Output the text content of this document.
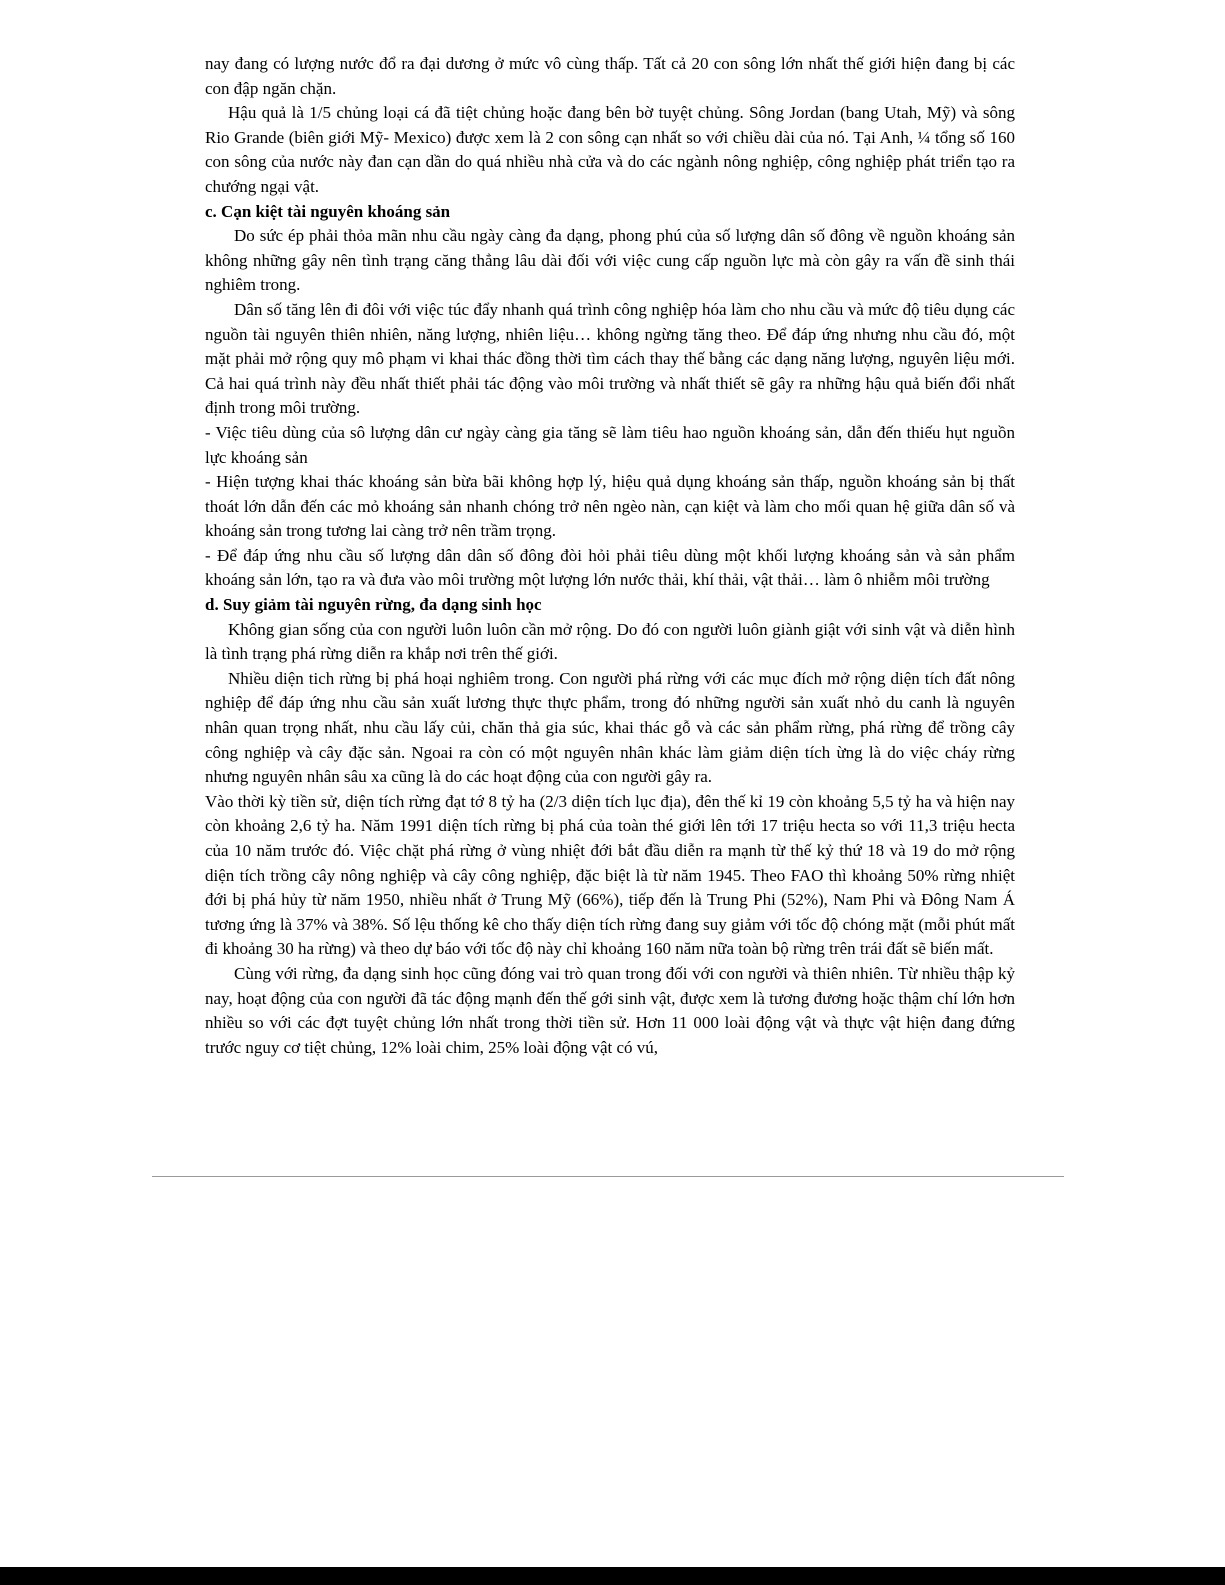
nay đang có lượng nước đổ ra đại dương ở mức vô cùng thấp. Tất cả 20 con sông lớn nhất thế giới hiện đang bị các con đập ngăn chặn.

Hậu quả là 1/5 chủng loại cá đã tiệt chủng hoặc đang bên bờ tuyệt chủng. Sông Jordan (bang Utah, Mỹ) và sông Rio Grande (biên giới Mỹ- Mexico) được xem là 2 con sông cạn nhất so với chiều dài của nó. Tại Anh, ¼ tổng số 160 con sông của nước này đan cạn dần do quá nhiều nhà cửa và do các ngành nông nghiệp, công nghiệp phát triển tạo ra chướng ngại vật.

c. Cạn kiệt tài nguyên khoáng sản

Do sức ép phải thỏa mãn nhu cầu ngày càng đa dạng, phong phú của số lượng dân số đông về nguồn khoáng sản không những gây nên tình trạng căng thẳng lâu dài đối với việc cung cấp nguồn lực mà còn gây ra vấn đề sinh thái nghiêm trong.

Dân số tăng lên đi đôi với việc túc đẩy nhanh quá trình công nghiệp hóa làm cho nhu cầu và mức độ tiêu dụng các nguồn tài nguyên thiên nhiên, năng lượng, nhiên liệu… không ngừng tăng theo. Để đáp ứng nhưng nhu cầu đó, một mặt phải mở rộng quy mô phạm vi khai thác đồng thời tìm cách thay thế bằng các dạng năng lượng, nguyên liệu mới. Cả hai quá trình này đều nhất thiết phải tác động vào môi trường và nhất thiết sẽ gây ra những hậu quả biến đổi nhất định trong môi trường.

- Việc tiêu dùng của sô lượng dân cư ngày càng gia tăng sẽ làm tiêu hao nguồn khoáng sản, dẫn đến thiếu hụt nguồn lực khoáng sản

- Hiện tượng khai thác khoáng sản bừa bãi không hợp lý, hiệu quả dụng khoáng sản thấp, nguồn khoáng sản bị thất thoát lớn dẫn đến các mỏ khoáng sản nhanh chóng trở nên ngèo nàn, cạn kiệt và làm cho mối quan hệ giữa dân số và khoáng sản trong tương lai càng trở nên trầm trọng.

- Để đáp ứng nhu cầu số lượng dân dân số đông đòi hỏi phải tiêu dùng một khối lượng khoáng sản và sản phẩm khoáng sản lớn, tạo ra và đưa vào môi trường một lượng lớn nước thải, khí thải, vật thải… làm ô nhiễm môi trường

d. Suy giảm tài nguyên rừng, đa dạng sinh học

Không gian sống của con người luôn luôn cần mở rộng. Do đó con người luôn giành giật với sinh vật và diễn hình là tình trạng phá rừng diễn ra khắp nơi trên thế giới.

Nhiều diện tich rừng bị phá hoại nghiêm trong. Con người phá rừng với các mục đích mở rộng diện tích đất nông nghiệp để đáp ứng nhu cầu sản xuất lương thực thực phẩm, trong đó những người sản xuất nhỏ du canh là nguyên nhân quan trọng nhất, nhu cầu lấy củi, chăn thả gia súc, khai thác gỗ và các sản phẩm rừng, phá rừng để trồng cây công nghiệp và cây đặc sản. Ngoai ra còn có một nguyên nhân khác làm giảm diện tích ừng là do việc cháy rừng nhưng nguyên nhân sâu xa cũng là do các hoạt động của con người gây ra.

Vào thời kỳ tiền sử, diện tích rừng đạt tớ 8 tỷ ha (2/3 diện tích lục địa), đên thế kỉ 19 còn khoảng 5,5 tỷ ha và hiện nay còn khoảng 2,6 tỷ ha. Năm 1991 diện tích rừng bị phá của toàn thé giới lên tới 17 triệu hecta so với 11,3 triệu hecta của 10 năm trước đó. Việc chặt phá rừng ở vùng nhiệt đới bắt đầu diễn ra mạnh từ thế kỷ thứ 18 và 19 do mở rộng diện tích trồng cây nông nghiệp và cây công nghiệp, đặc biệt là từ năm 1945. Theo FAO thì khoảng 50% rừng nhiệt đới bị phá hủy từ năm 1950, nhiều nhất ở Trung Mỹ (66%), tiếp đến là Trung Phi (52%), Nam Phi và Đông Nam Á tương ứng là 37% và 38%. Số lệu thống kê cho thấy diện tích rừng đang suy giảm với tốc độ chóng mặt (mỗi phút mất đi khoảng 30 ha rừng) và theo dự báo với tốc độ này chỉ khoảng 160 năm nữa toàn bộ rừng trên trái đất sẽ biến mất.

Cùng với rừng, đa dạng sinh học cũng đóng vai trò quan trong đối với con người và thiên nhiên. Từ nhiều thập kỷ nay, hoạt động của con người đã tác động mạnh đến thế gới sinh vật, được xem là tương đương hoặc thậm chí lớn hơn nhiều so với các đợt tuyệt chủng lớn nhất trong thời tiền sử. Hơn 11 000 loài động vật và thực vật hiện đang đứng trước nguy cơ tiệt chủng, 12% loài chim, 25% loài động vật có vú,
